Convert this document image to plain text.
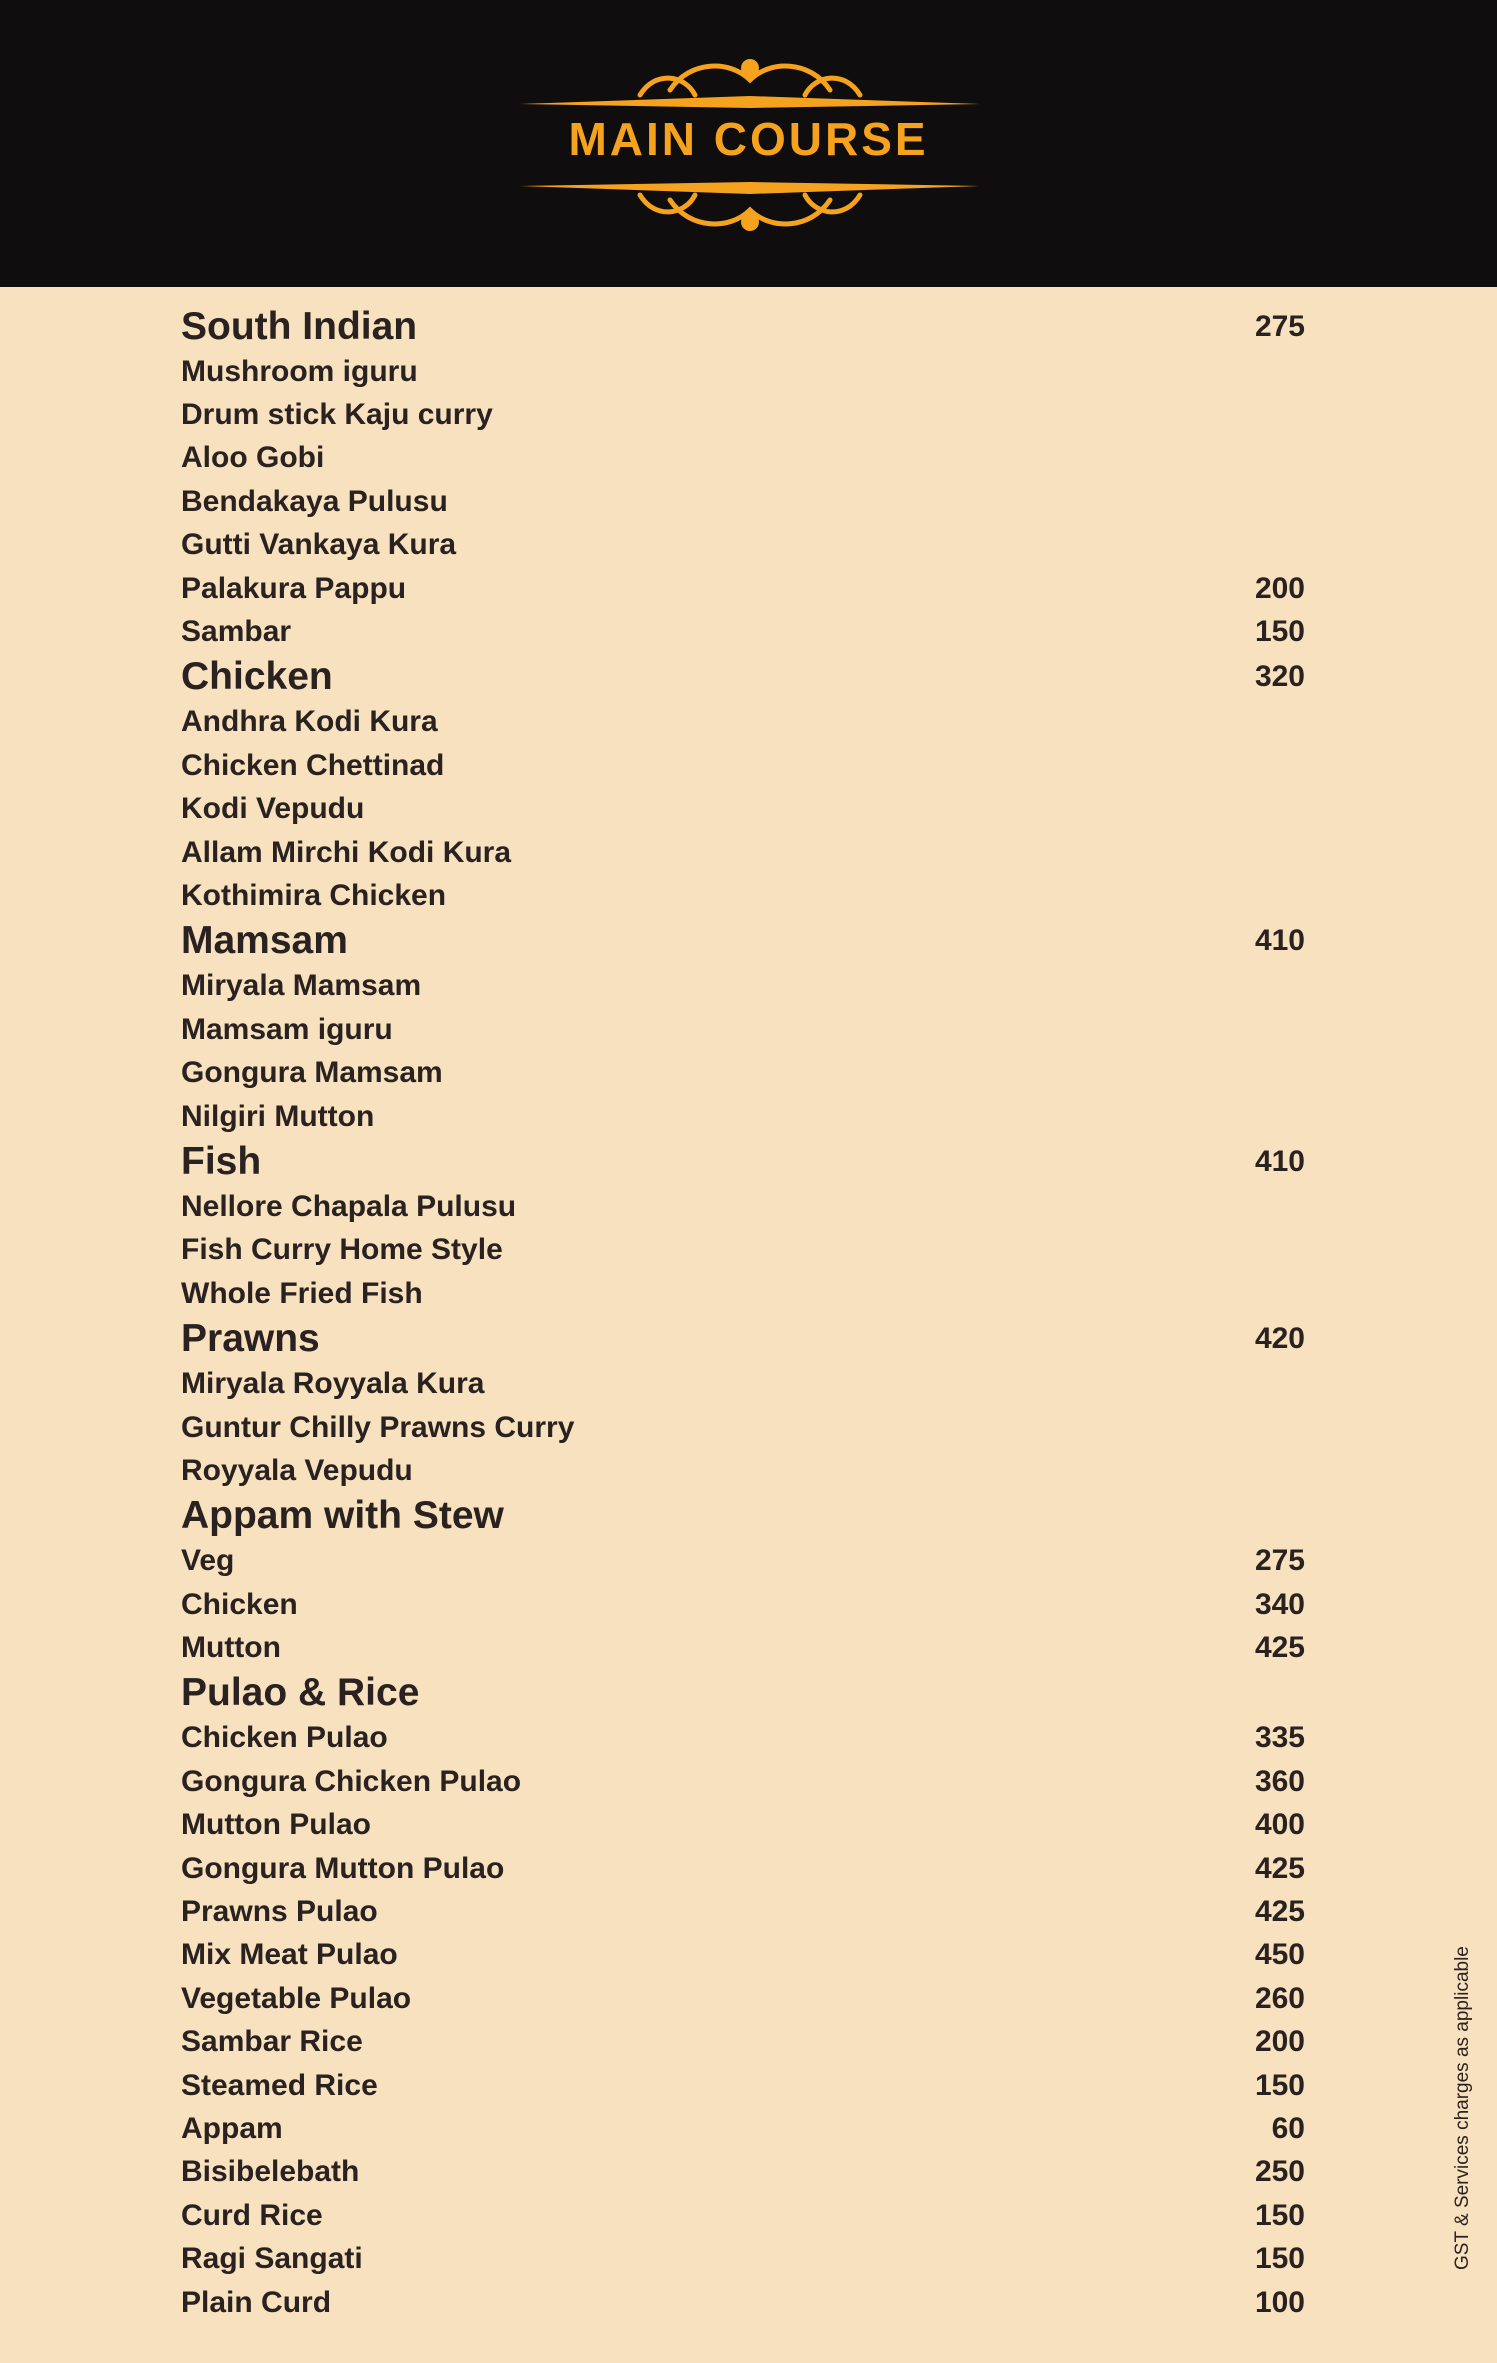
MAIN COURSE
South Indian	275
Mushroom iguru
Drum stick Kaju curry
Aloo Gobi
Bendakaya Pulusu
Gutti Vankaya Kura
Palakura Pappu	200
Sambar	150
Chicken	320
Andhra Kodi Kura
Chicken Chettinad
Kodi Vepudu
Allam Mirchi Kodi Kura
Kothimira Chicken
Mamsam	410
Miryala Mamsam
Mamsam iguru
Gongura Mamsam
Nilgiri Mutton
Fish	410
Nellore Chapala Pulusu
Fish Curry Home Style
Whole Fried Fish
Prawns	420
Miryala Royyala Kura
Guntur Chilly Prawns Curry
Royyala Vepudu
Appam with Stew
Veg	275
Chicken	340
Mutton	425
Pulao & Rice
Chicken Pulao	335
Gongura Chicken Pulao	360
Mutton Pulao	400
Gongura Mutton Pulao	425
Prawns Pulao	425
Mix Meat Pulao	450
Vegetable Pulao	260
Sambar Rice	200
Steamed Rice	150
Appam	60
Bisibelebath	250
Curd Rice	150
Ragi Sangati	150
Plain Curd	100
GST & Services charges as applicable
